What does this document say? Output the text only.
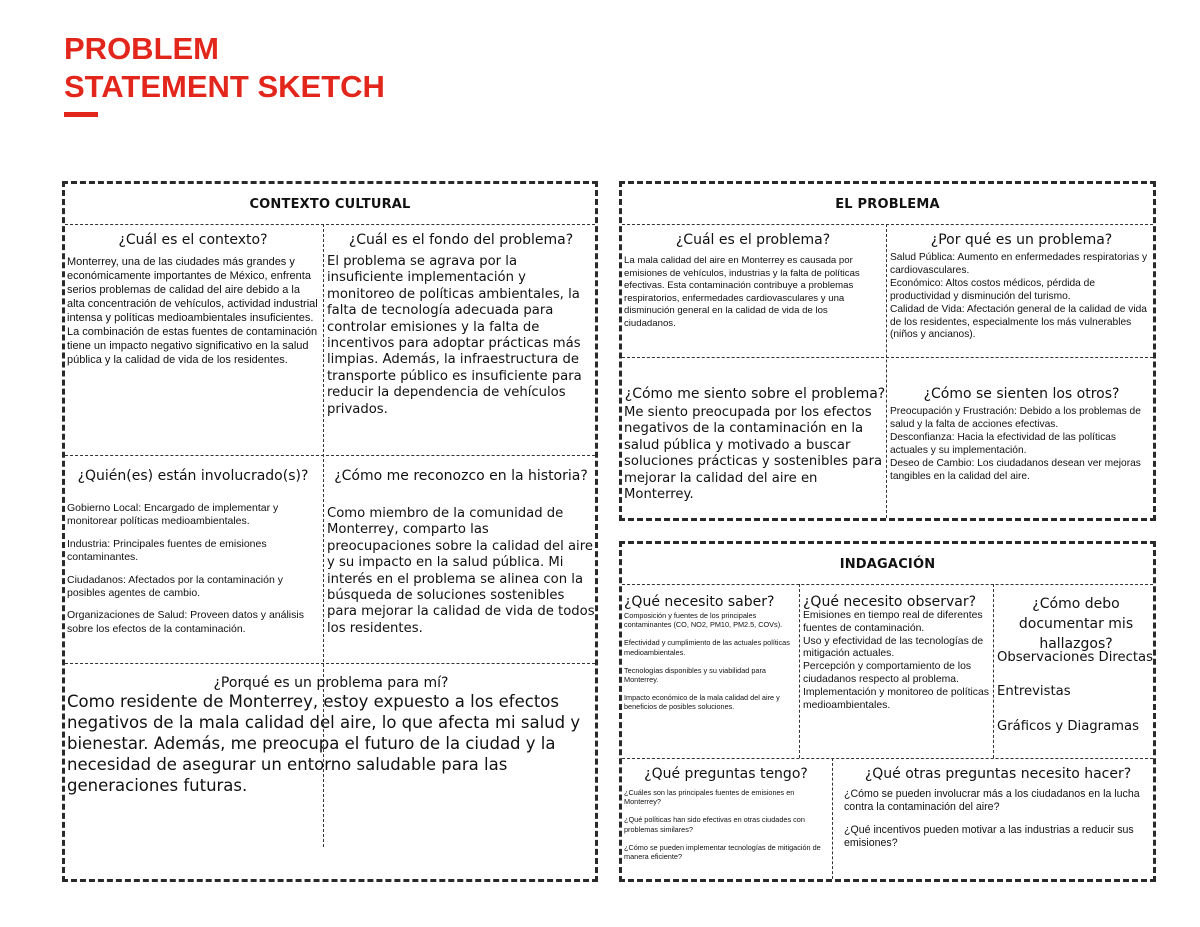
PROBLEM
STATEMENT SKETCH
CONTEXTO CULTURAL
¿Cuál es el contexto?
Monterrey, una de las ciudades más grandes y económicamente importantes de México, enfrenta serios problemas de calidad del aire debido a la alta concentración de vehículos, actividad industrial intensa y políticas medioambientales insuficientes. La combinación de estas fuentes de contaminación tiene un impacto negativo significativo en la salud pública y la calidad de vida de los residentes.
¿Cuál es el fondo del problema?
El problema se agrava por la insuficiente implementación y monitoreo de políticas ambientales, la falta de tecnología adecuada para controlar emisiones y la falta de incentivos para adoptar prácticas más limpias. Además, la infraestructura de transporte público es insuficiente para reducir la dependencia de vehículos privados.
¿Quién(es) están involucrado(s)?
Gobierno Local: Encargado de implementar y monitorear políticas medioambientales.
Industria: Principales fuentes de emisiones contaminantes.
Ciudadanos: Afectados por la contaminación y posibles agentes de cambio.
Organizaciones de Salud: Proveen datos y análisis sobre los efectos de la contaminación.
¿Cómo me reconozco en la historia?
Como miembro de la comunidad de Monterrey, comparto las preocupaciones sobre la calidad del aire y su impacto en la salud pública. Mi interés en el problema se alinea con la búsqueda de soluciones sostenibles para mejorar la calidad de vida de todos los residentes.
¿Porqué es un problema para mí?
Como residente de Monterrey, estoy expuesto a los efectos negativos de la mala calidad del aire, lo que afecta mi salud y bienestar. Además, me preocupa el futuro de la ciudad y la necesidad de asegurar un entorno saludable para las generaciones futuras.
EL PROBLEMA
¿Cuál es el problema?
La mala calidad del aire en Monterrey es causada por emisiones de vehículos, industrias y la falta de políticas efectivas. Esta contaminación contribuye a problemas respiratorios, enfermedades cardiovasculares y una disminución general en la calidad de vida de los ciudadanos.
¿Por qué es un problema?
Salud Pública: Aumento en enfermedades respiratorias y cardiovasculares.
Económico: Altos costos médicos, pérdida de productividad y disminución del turismo.
Calidad de Vida: Afectación general de la calidad de vida de los residentes, especialmente los más vulnerables (niños y ancianos).
¿Cómo me siento sobre el problema?
Me siento preocupada por los efectos negativos de la contaminación en la salud pública y motivado a buscar soluciones prácticas y sostenibles para mejorar la calidad del aire en Monterrey.
¿Cómo se sienten los otros?
Preocupación y Frustración: Debido a los problemas de salud y la falta de acciones efectivas.
Desconfianza: Hacia la efectividad de las políticas actuales y su implementación.
Deseo de Cambio: Los ciudadanos desean ver mejoras tangibles en la calidad del aire.
INDAGACIÓN
¿Qué necesito saber?
Composición y fuentes de los principales contaminantes (CO, NO2, PM10, PM2.5, COVs).
Efectividad y cumplimiento de las actuales políticas medioambientales.
Tecnologías disponibles y su viabilidad para Monterrey.
Impacto económico de la mala calidad del aire y beneficios de posibles soluciones.
¿Qué necesito observar?
Emisiones en tiempo real de diferentes fuentes de contaminación.
Uso y efectividad de las tecnologías de mitigación actuales.
Percepción y comportamiento de los ciudadanos respecto al problema.
Implementación y monitoreo de políticas medioambientales.
¿Cómo debo documentar mis hallazgos?
Observaciones Directas
Entrevistas
Gráficos y Diagramas
¿Qué preguntas tengo?
¿Cuáles son las principales fuentes de emisiones en Monterrey?
¿Qué políticas han sido efectivas en otras ciudades con problemas similares?
¿Cómo se pueden implementar tecnologías de mitigación de manera eficiente?
¿Qué otras preguntas necesito hacer?
¿Cómo se pueden involucrar más a los ciudadanos en la lucha contra la contaminación del aire?
¿Qué incentivos pueden motivar a las industrias a reducir sus emisiones?
